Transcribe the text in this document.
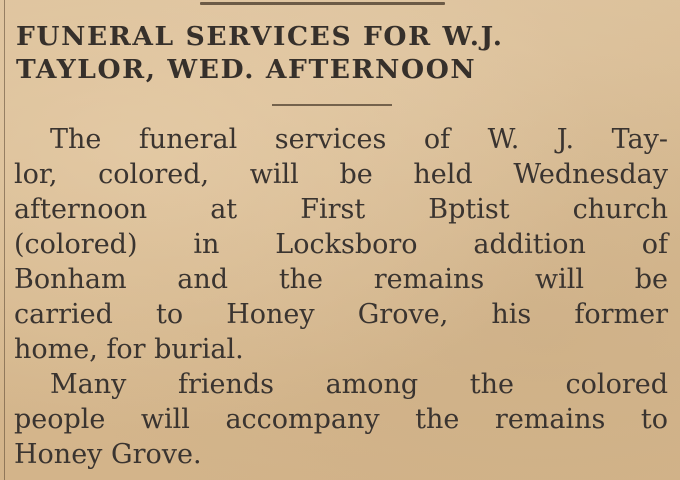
FUNERAL SERVICES FOR W.J.
TAYLOR, WED. AFTERNOON
The funeral services of W. J. Tay-
lor, colored, will be held Wednesday
afternoon at First Bptist church
(colored) in Locksboro addition of
Bonham and the remains will be
carried to Honey Grove, his former
home, for burial.
Many friends among the colored
people will accompany the remains to
Honey Grove.
